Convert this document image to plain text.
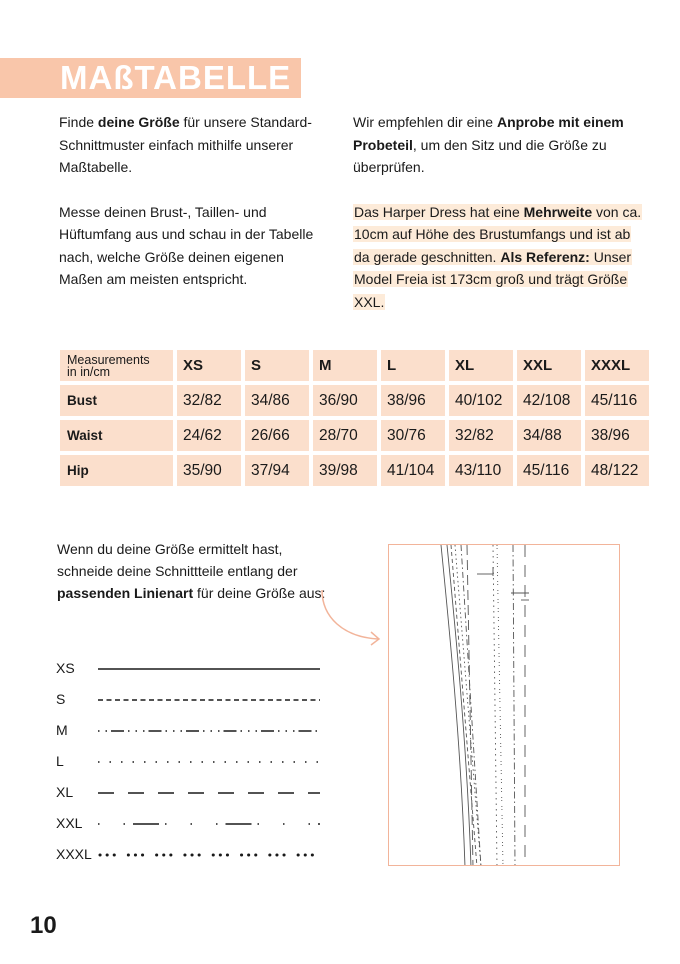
MAßTABELLE

Finde deine Größe für unsere Standard-Schnittmuster einfach mithilfe unserer Maßtabelle.

Messe deinen Brust-, Taillen- und Hüftumfang aus und schau in der Tabelle nach, welche Größe deinen eigenen Maßen am meisten entspricht.

Wir empfehlen dir eine Anprobe mit einem Probeteil, um den Sitz und die Größe zu überprüfen.

Das Harper Dress hat eine Mehrweite von ca. 10cm auf Höhe des Brustumfangs und ist ab da gerade geschnitten. Als Referenz: Unser Model Freia ist 173cm groß und trägt Größe XXL.

Measurements
in in/cm	XS	S	M	L	XL	XXL	XXXL
Bust	32/82	34/86	36/90	38/96	40/102	42/108	45/116
Waist	24/62	26/66	28/70	30/76	32/82	34/88	38/96
Hip	35/90	37/94	39/98	41/104	43/110	45/116	48/122

Wenn du deine Größe ermittelt hast, schneide deine Schnittteile entlang der passenden Linienart für deine Größe aus:

XS
S
M
L
XL
XXL
XXXL
10
